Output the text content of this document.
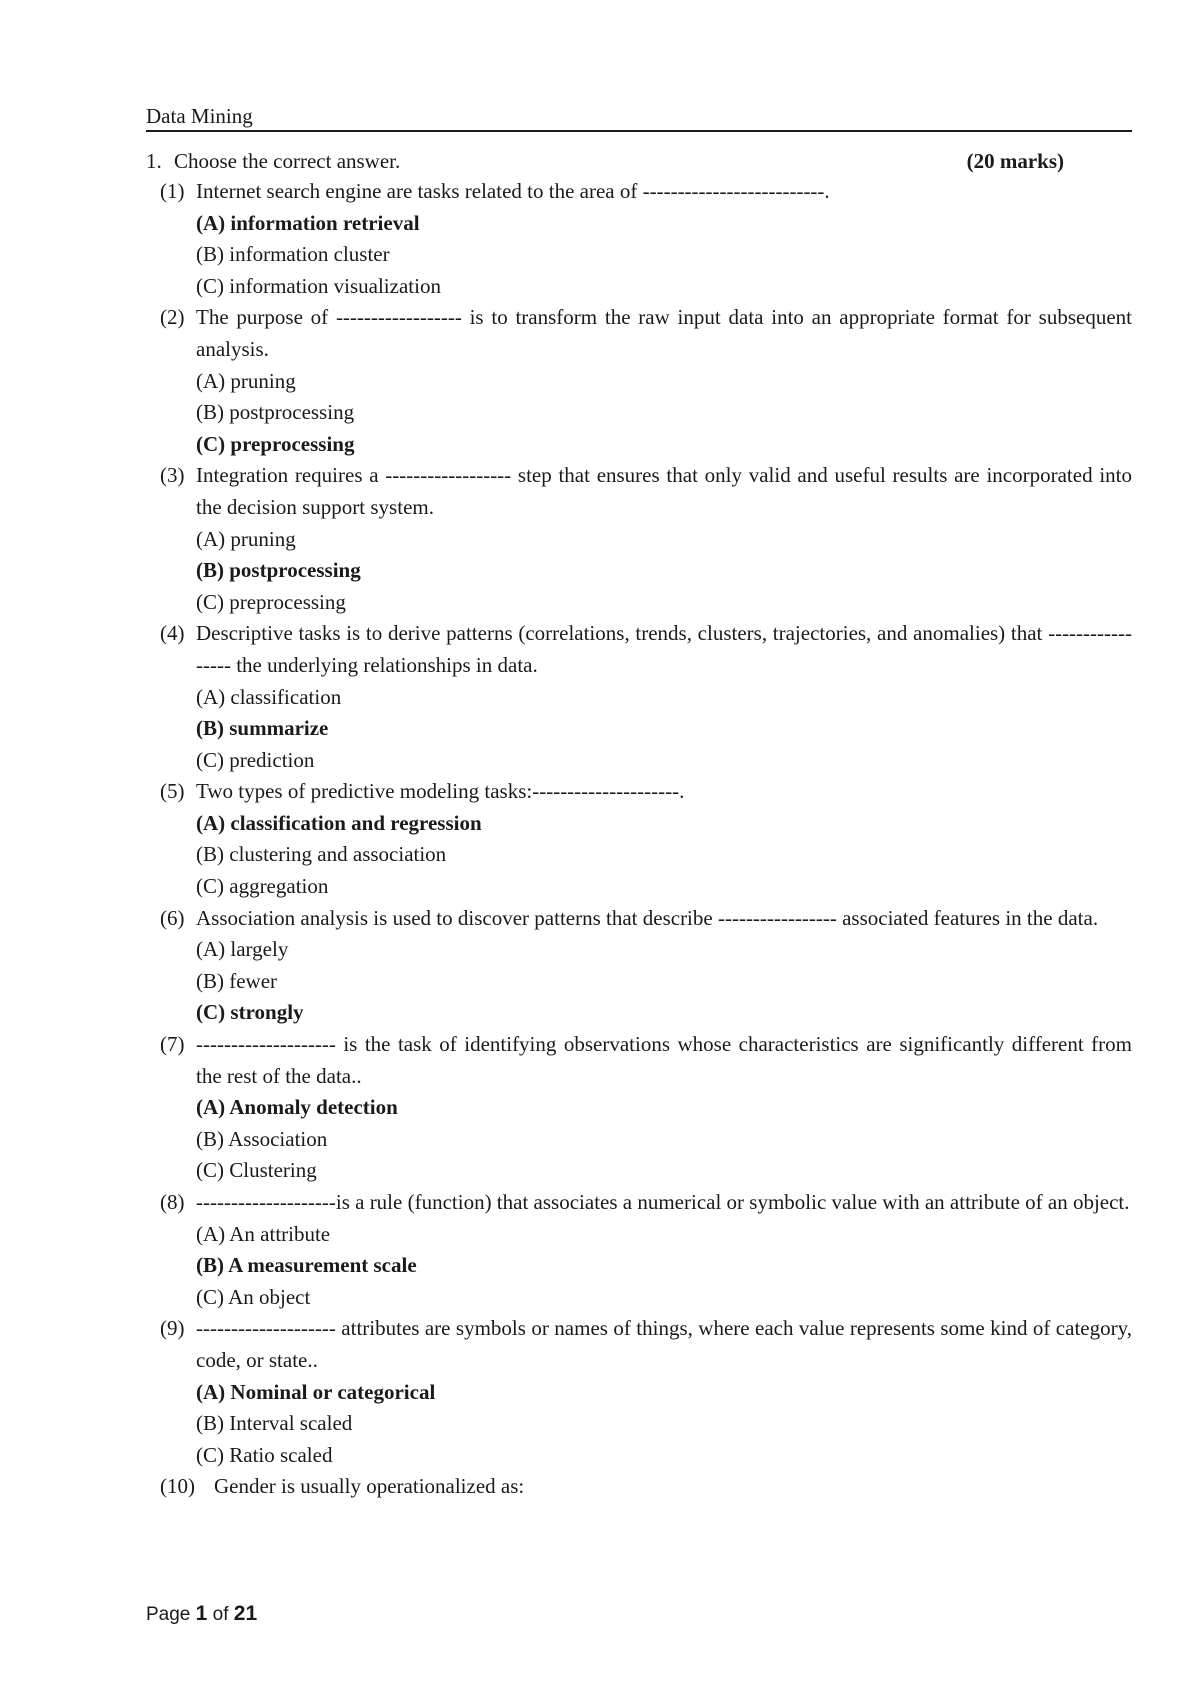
Data Mining
1. Choose the correct answer.	(20 marks)
(1) Internet search engine are tasks related to the area of --------------------------.
(A) information retrieval
(B) information cluster
(C) information visualization
(2) The purpose of ------------------ is to transform the raw input data into an appropriate format for subsequent analysis.
(A) pruning
(B) postprocessing
(C) preprocessing
(3) Integration requires a ------------------ step that ensures that only valid and useful results are incorporated into the decision support system.
(A) pruning
(B) postprocessing
(C) preprocessing
(4) Descriptive tasks is to derive patterns (correlations, trends, clusters, trajectories, and anomalies) that ----------------- the underlying relationships in data.
(A) classification
(B) summarize
(C) prediction
(5) Two types of predictive modeling tasks:---------------------.
(A) classification and regression
(B) clustering and association
(C) aggregation
(6) Association analysis is used to discover patterns that describe ----------------- associated features in the data.
(A) largely
(B) fewer
(C) strongly
(7) -------------------- is the task of identifying observations whose characteristics are significantly different from the rest of the data..
(A) Anomaly detection
(B) Association
(C) Clustering
(8) --------------------is a rule (function) that associates a numerical or symbolic value with an attribute of an object.
(A) An attribute
(B) A measurement scale
(C) An object
(9) -------------------- attributes are symbols or names of things, where each value represents some kind of category, code, or state..
(A) Nominal or categorical
(B) Interval scaled
(C) Ratio scaled
(10) Gender is usually operationalized as:
Page 1 of 21
